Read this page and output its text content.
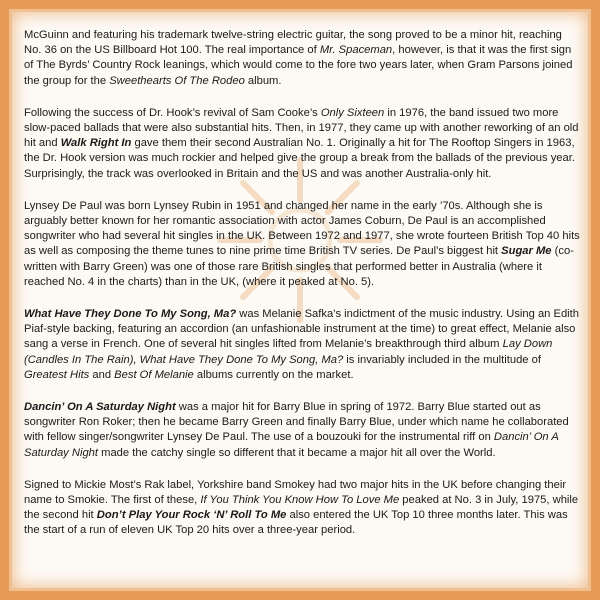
McGuinn and featuring his trademark twelve-string electric guitar, the song proved to be a minor hit, reaching No. 36 on the US Billboard Hot 100. The real importance of Mr. Spaceman, however, is that it was the first sign of The Byrds’ Country Rock leanings, which would come to the fore two years later, when Gram Parsons joined the group for the Sweethearts Of The Rodeo album.

Following the success of Dr. Hook’s revival of Sam Cooke’s Only Sixteen in 1976, the band issued two more slow-paced ballads that were also substantial hits. Then, in 1977, they came up with another reworking of an old hit and Walk Right In gave them their second Australian No. 1. Originally a hit for The Rooftop Singers in 1963, the Dr. Hook version was much rockier and helped give the group a break from the ballads of the previous year. Surprisingly, the track was overlooked in Britain and the US and was another Australia-only hit.

Lynsey De Paul was born Lynsey Rubin in 1951 and changed her name in the early ’70s. Although she is arguably better known for her romantic association with actor James Coburn, De Paul is an accomplished songwriter who had several hit singles in the UK. Between 1972 and 1977, she wrote fourteen British Top 40 hits as well as composing the theme tunes to nine prime time British TV series. De Paul’s biggest hit Sugar Me (co-written with Barry Green) was one of those rare British singles that performed better in Australia (where it reached No. 4 in the charts) than in the UK, (where it peaked at No. 5).

What Have They Done To My Song, Ma? was Melanie Safka’s indictment of the music industry. Using an Edith Piaf-style backing, featuring an accordion (an unfashionable instrument at the time) to great effect, Melanie also sang a verse in French. One of several hit singles lifted from Melanie’s breakthrough third album Lay Down (Candles In The Rain), What Have They Done To My Song, Ma? is invariably included in the multitude of Greatest Hits and Best Of Melanie albums currently on the market.

Dancin’ On A Saturday Night was a major hit for Barry Blue in spring of 1972. Barry Blue started out as songwriter Ron Roker; then he became Barry Green and finally Barry Blue, under which name he collaborated with fellow singer/songwriter Lynsey De Paul. The use of a bouzouki for the instrumental riff on Dancin’ On A Saturday Night made the catchy single so different that it became a major hit all over the World.

Signed to Mickie Most’s Rak label, Yorkshire band Smokey had two major hits in the UK before changing their name to Smokie. The first of these, If You Think You Know How To Love Me peaked at No. 3 in July, 1975, while the second hit Don’t Play Your Rock ‘N’ Roll To Me also entered the UK Top 10 three months later. This was the start of a run of eleven UK Top 20 hits over a three-year period.
